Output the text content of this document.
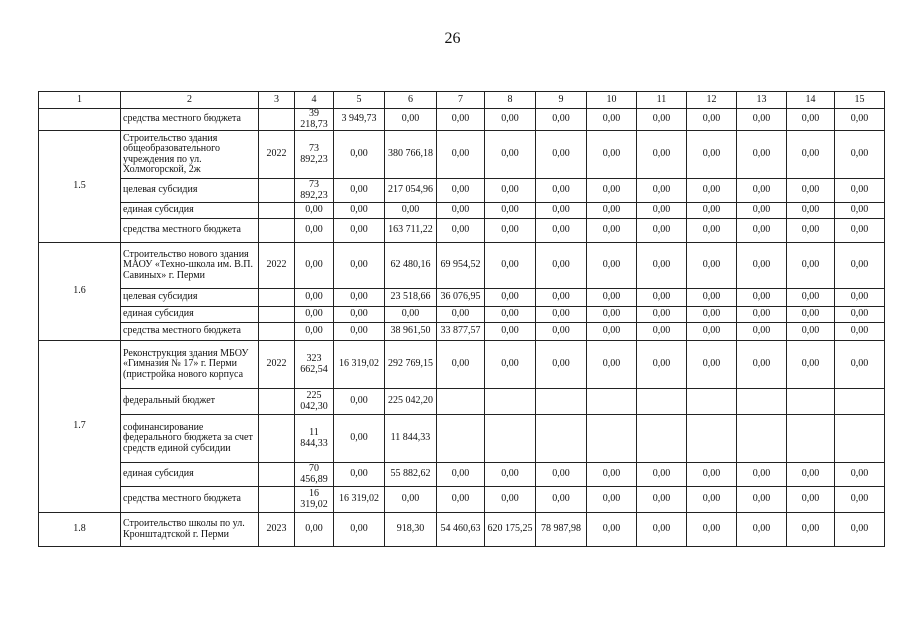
26
1	2	3	4	5	6	7	8	9	10	11	12	13	14	15
	средства местного бюджета		39 218,73	3 949,73	0,00	0,00	0,00	0,00	0,00	0,00	0,00	0,00	0,00	0,00
1.5	Строительство здания общеобразовательного учреждения по ул. Холмогорской, 2ж	2022	73 892,23	0,00	380 766,18	0,00	0,00	0,00	0,00	0,00	0,00	0,00	0,00	0,00
	целевая субсидия		73 892,23	0,00	217 054,96	0,00	0,00	0,00	0,00	0,00	0,00	0,00	0,00	0,00
	единая субсидия		0,00	0,00	0,00	0,00	0,00	0,00	0,00	0,00	0,00	0,00	0,00	0,00
	средства местного бюджета		0,00	0,00	163 711,22	0,00	0,00	0,00	0,00	0,00	0,00	0,00	0,00	0,00
1.6	Строительство нового здания МАОУ «Техно-школа им. В.П. Савиных» г. Перми	2022	0,00	0,00	62 480,16	69 954,52	0,00	0,00	0,00	0,00	0,00	0,00	0,00	0,00
	целевая субсидия		0,00	0,00	23 518,66	36 076,95	0,00	0,00	0,00	0,00	0,00	0,00	0,00	0,00
	единая субсидия		0,00	0,00	0,00	0,00	0,00	0,00	0,00	0,00	0,00	0,00	0,00	0,00
	средства местного бюджета		0,00	0,00	38 961,50	33 877,57	0,00	0,00	0,00	0,00	0,00	0,00	0,00	0,00
1.7	Реконструкция здания МБОУ «Гимназия № 17» г. Перми (пристройка нового корпуса	2022	323 662,54	16 319,02	292 769,15	0,00	0,00	0,00	0,00	0,00	0,00	0,00	0,00	0,00
	федеральный бюджет		225 042,30	0,00	225 042,20									
	софинансирование федерального бюджета за счет средств единой субсидии		11 844,33	0,00	11 844,33									
	единая субсидия		70 456,89	0,00	55 882,62	0,00	0,00	0,00	0,00	0,00	0,00	0,00	0,00	0,00
	средства местного бюджета		16 319,02	16 319,02	0,00	0,00	0,00	0,00	0,00	0,00	0,00	0,00	0,00	0,00
1.8	Строительство школы по ул. Кронштадтской г. Перми	2023	0,00	0,00	918,30	54 460,63	620 175,25	78 987,98	0,00	0,00	0,00	0,00	0,00	0,00
